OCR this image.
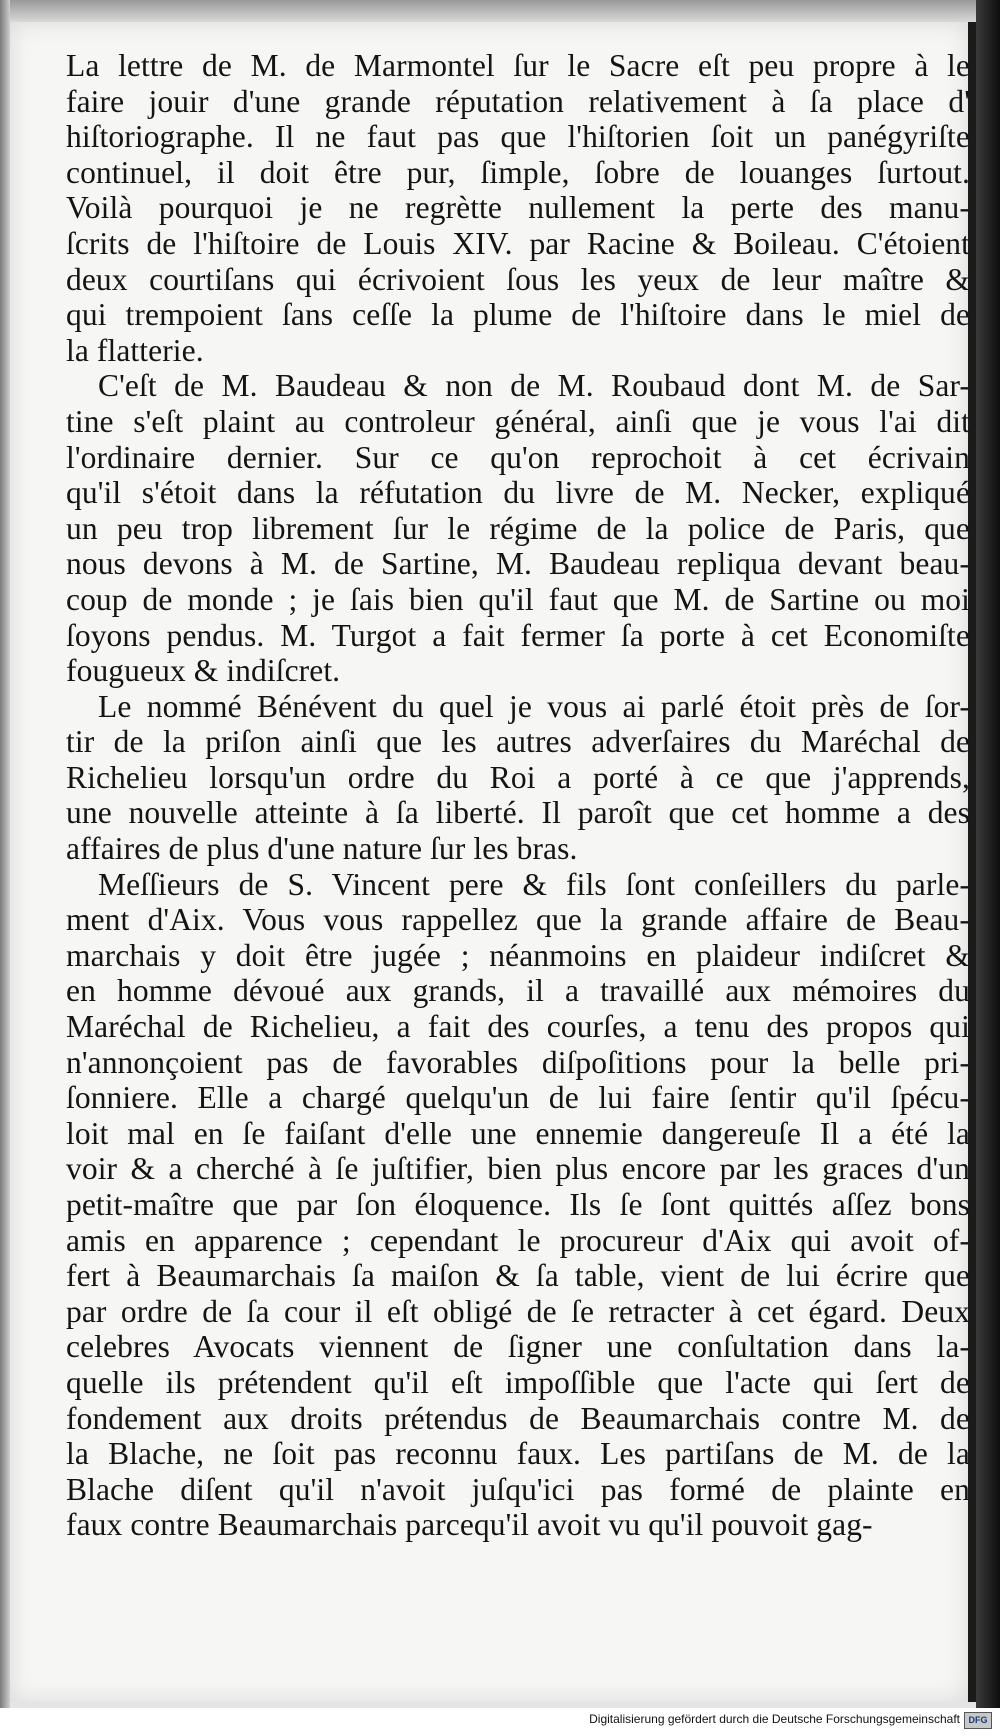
La lettre de M. de Marmontel ſur le Sacre eſt peu propre à le
faire jouir d'une grande réputation relativement à ſa place d'
hiſtoriographe. Il ne faut pas que l'hiſtorien ſoit un panégyriſte
continuel, il doit être pur, ſimple, ſobre de louanges ſurtout.
Voilà pourquoi je ne regrètte nullement la perte des manu-
ſcrits de l'hiſtoire de Louis XIV. par Racine & Boileau. C'étoient
deux courtiſans qui écrivoient ſous les yeux de leur maître &
qui trempoient ſans ceſſe la plume de l'hiſtoire dans le miel de
la flatterie.
C'eſt de M. Baudeau & non de M. Roubaud dont M. de Sar-
tine s'eſt plaint au controleur général, ainſi que je vous l'ai dit
l'ordinaire dernier. Sur ce qu'on reprochoit à cet écrivain
qu'il s'étoit dans la réfutation du livre de M. Necker, expliqué
un peu trop librement ſur le régime de la police de Paris, que
nous devons à M. de Sartine, M. Baudeau repliqua devant beau-
coup de monde ; je ſais bien qu'il faut que M. de Sartine ou moi
ſoyons pendus. M. Turgot a fait fermer ſa porte à cet Economiſte
fougueux & indiſcret.
Le nommé Bénévent du quel je vous ai parlé étoit près de ſor-
tir de la priſon ainſi que les autres adverſaires du Maréchal de
Richelieu lorsqu'un ordre du Roi a porté à ce que j'apprends,
une nouvelle atteinte à ſa liberté. Il paroît que cet homme a des
affaires de plus d'une nature ſur les bras.
Meſſieurs de S. Vincent pere & fils ſont conſeillers du parle-
ment d'Aix. Vous vous rappellez que la grande affaire de Beau-
marchais y doit être jugée ; néanmoins en plaideur indiſcret &
en homme dévoué aux grands, il a travaillé aux mémoires du
Maréchal de Richelieu, a fait des courſes, a tenu des propos qui
n'annonçoient pas de favorables diſpoſitions pour la belle pri-
ſonniere. Elle a chargé quelqu'un de lui faire ſentir qu'il ſpécu-
loit mal en ſe faiſant d'elle une ennemie dangereuſe Il a été la
voir & a cherché à ſe juſtifier, bien plus encore par les graces d'un
petit-maître que par ſon éloquence. Ils ſe ſont quittés aſſez bons
amis en apparence ; cependant le procureur d'Aix qui avoit of-
fert à Beaumarchais ſa maiſon & ſa table, vient de lui écrire que
par ordre de ſa cour il eſt obligé de ſe retracter à cet égard. Deux
celebres Avocats viennent de ſigner une conſultation dans la-
quelle ils prétendent qu'il eſt impoſſible que l'acte qui ſert de
fondement aux droits prétendus de Beaumarchais contre M. de
la Blache, ne ſoit pas reconnu faux. Les partiſans de M. de la
Blache diſent qu'il n'avoit juſqu'ici pas formé de plainte en
faux contre Beaumarchais parcequ'il avoit vu qu'il pouvoit gag-
Digitalisierung gefördert durch die Deutsche Forschungsgemeinschaft DFG
